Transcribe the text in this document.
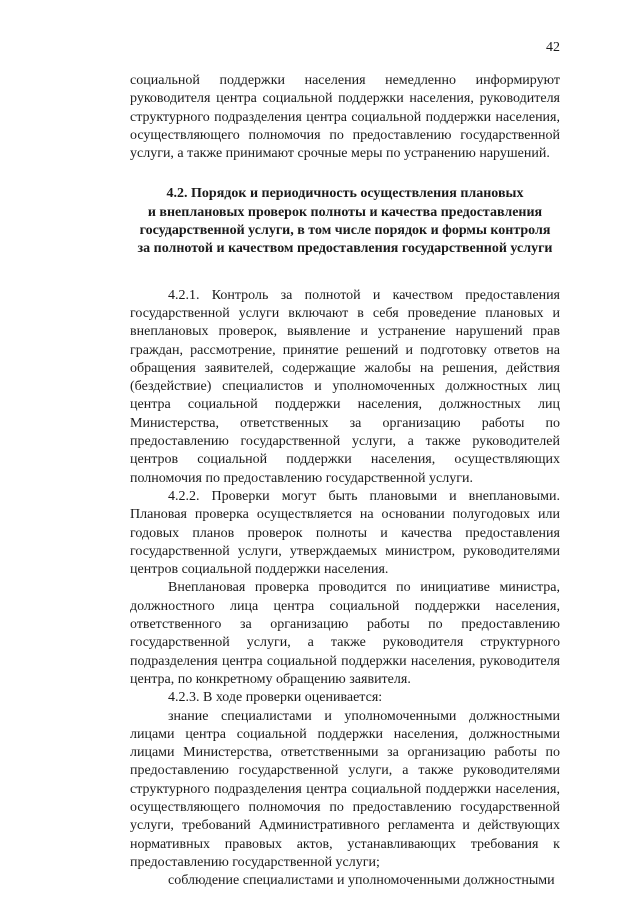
42

социальной поддержки населения немедленно информируют руководителя центра социальной поддержки населения, руководителя структурного подразделения центра социальной поддержки населения, осуществляющего полномочия по предоставлению государственной услуги, а также принимают срочные меры по устранению нарушений.

4.2. Порядок и периодичность осуществления плановых
и внеплановых проверок полноты и качества предоставления
государственной услуги, в том числе порядок и формы контроля
за полнотой и качеством предоставления государственной услуги

4.2.1. Контроль за полнотой и качеством предоставления государственной услуги включают в себя проведение плановых и внеплановых проверок, выявление и устранение нарушений прав граждан, рассмотрение, принятие решений и подготовку ответов на обращения заявителей, содержащие жалобы на решения, действия (бездействие) специалистов и уполномоченных должностных лиц центра социальной поддержки населения, должностных лиц Министерства, ответственных за организацию работы по предоставлению государственной услуги, а также руководителей центров социальной поддержки населения, осуществляющих полномочия по предоставлению государственной услуги.

4.2.2. Проверки могут быть плановыми и внеплановыми. Плановая проверка осуществляется на основании полугодовых или годовых планов проверок полноты и качества предоставления государственной услуги, утверждаемых министром, руководителями центров социальной поддержки населения.

Внеплановая проверка проводится по инициативе министра, должностного лица центра социальной поддержки населения, ответственного за организацию работы по предоставлению государственной услуги, а также руководителя структурного подразделения центра социальной поддержки населения, руководителя центра, по конкретному обращению заявителя.

4.2.3. В ходе проверки оценивается:

знание специалистами и уполномоченными должностными лицами центра социальной поддержки населения, должностными лицами Министерства, ответственными за организацию работы по предоставлению государственной услуги, а также руководителями структурного подразделения центра социальной поддержки населения, осуществляющего полномочия по предоставлению государственной услуги, требований Административного регламента и действующих нормативных правовых актов, устанавливающих требования к предоставлению государственной услуги;

соблюдение специалистами и уполномоченными должностными
